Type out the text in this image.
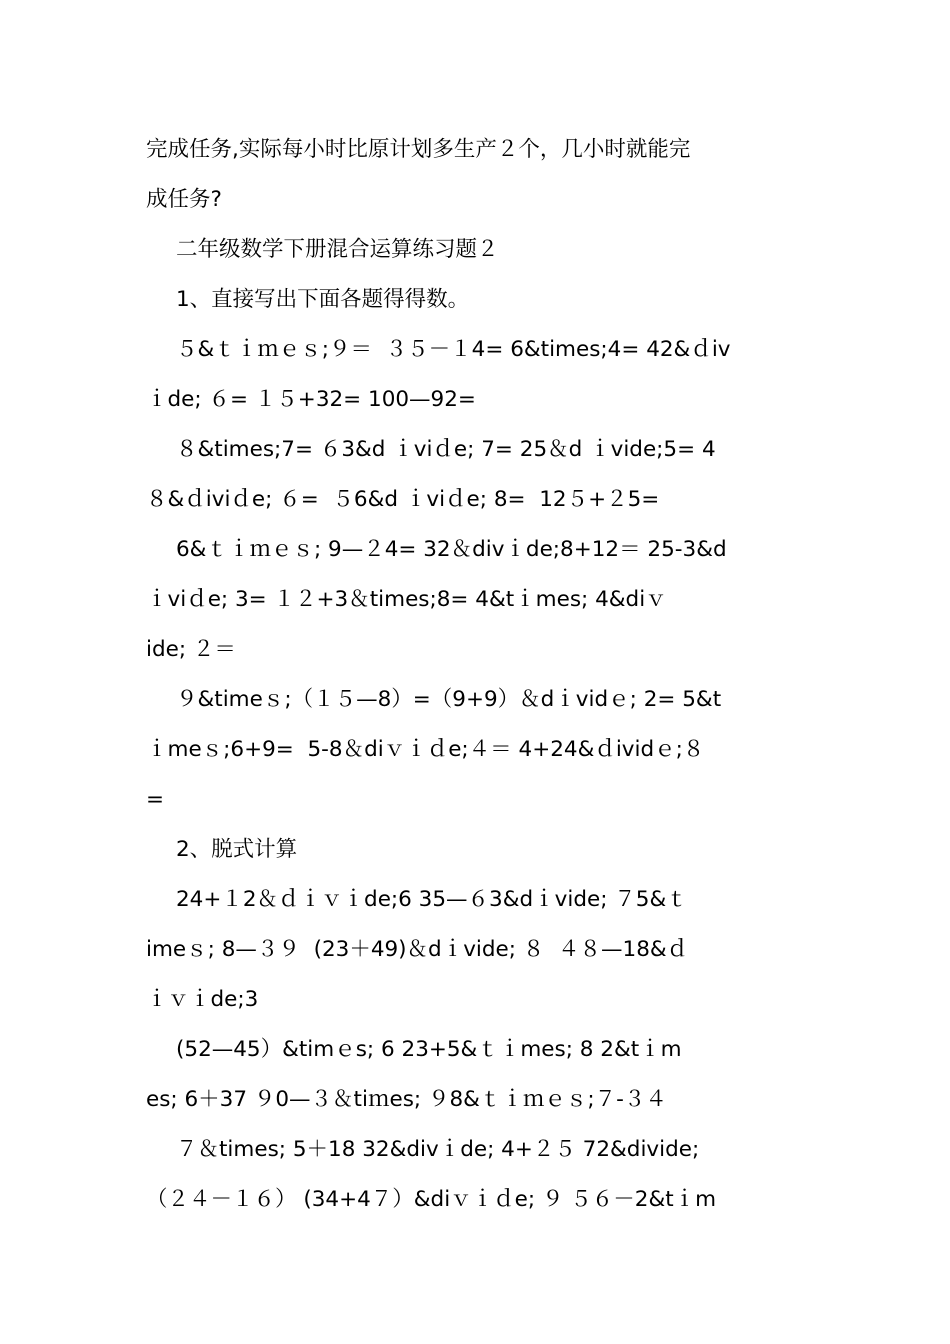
完成任务,实际每小时比原计划多生产２个，几小时就能完
成任务?
二年级数学下册混合运算练习题２
1、直接写出下面各题得得数。
５&ｔｉｍｅｓ;９＝  ３５－１4= 6&times;4= 42&ｄiv
ｉde; ６= １５+32= 100—92=
８&times;7= ６3&d ｉviｄe; 7= 25＆d ｉvide;5= 4
８&ｄiviｄe; ６=  ５6&d ｉviｄe; 8=  12５+２5=
6&ｔｉｍｅｓ; 9—２4= 32＆divｉde;8+12＝ 25-3&d
ｉviｄe; 3= １２+3＆times;8= 4&tｉmes; 4&diｖ
ide; ２＝
９&timeｓ;（１５—8）=（9+9）＆dｉvidｅ; 2= 5&t
ｉmeｓ;6+9=  5-8＆diｖｉｄe;４＝ 4+24&ｄividｅ;８
=
2、脱式计算
24+１2＆ｄｉｖｉde;6 35—６3&dｉvide; ７5&ｔ
imeｓ; 8—３９  (23＋49)＆dｉvide; ８  ４８—18&ｄ
ｉｖｉde;3
(52—45）&timｅs; 6 23+5&ｔｉmes; 8 2&tｉm
es; 6＋37 ９0—３＆tiｍes; ９8&ｔｉｍｅｓ;７-３４
７＆times; 5＋18 32&divｉde; 4+２５ 72&divide;
（２４－１６） (34+4７）&diｖｉｄe; ９ ５６－2&tｉm
